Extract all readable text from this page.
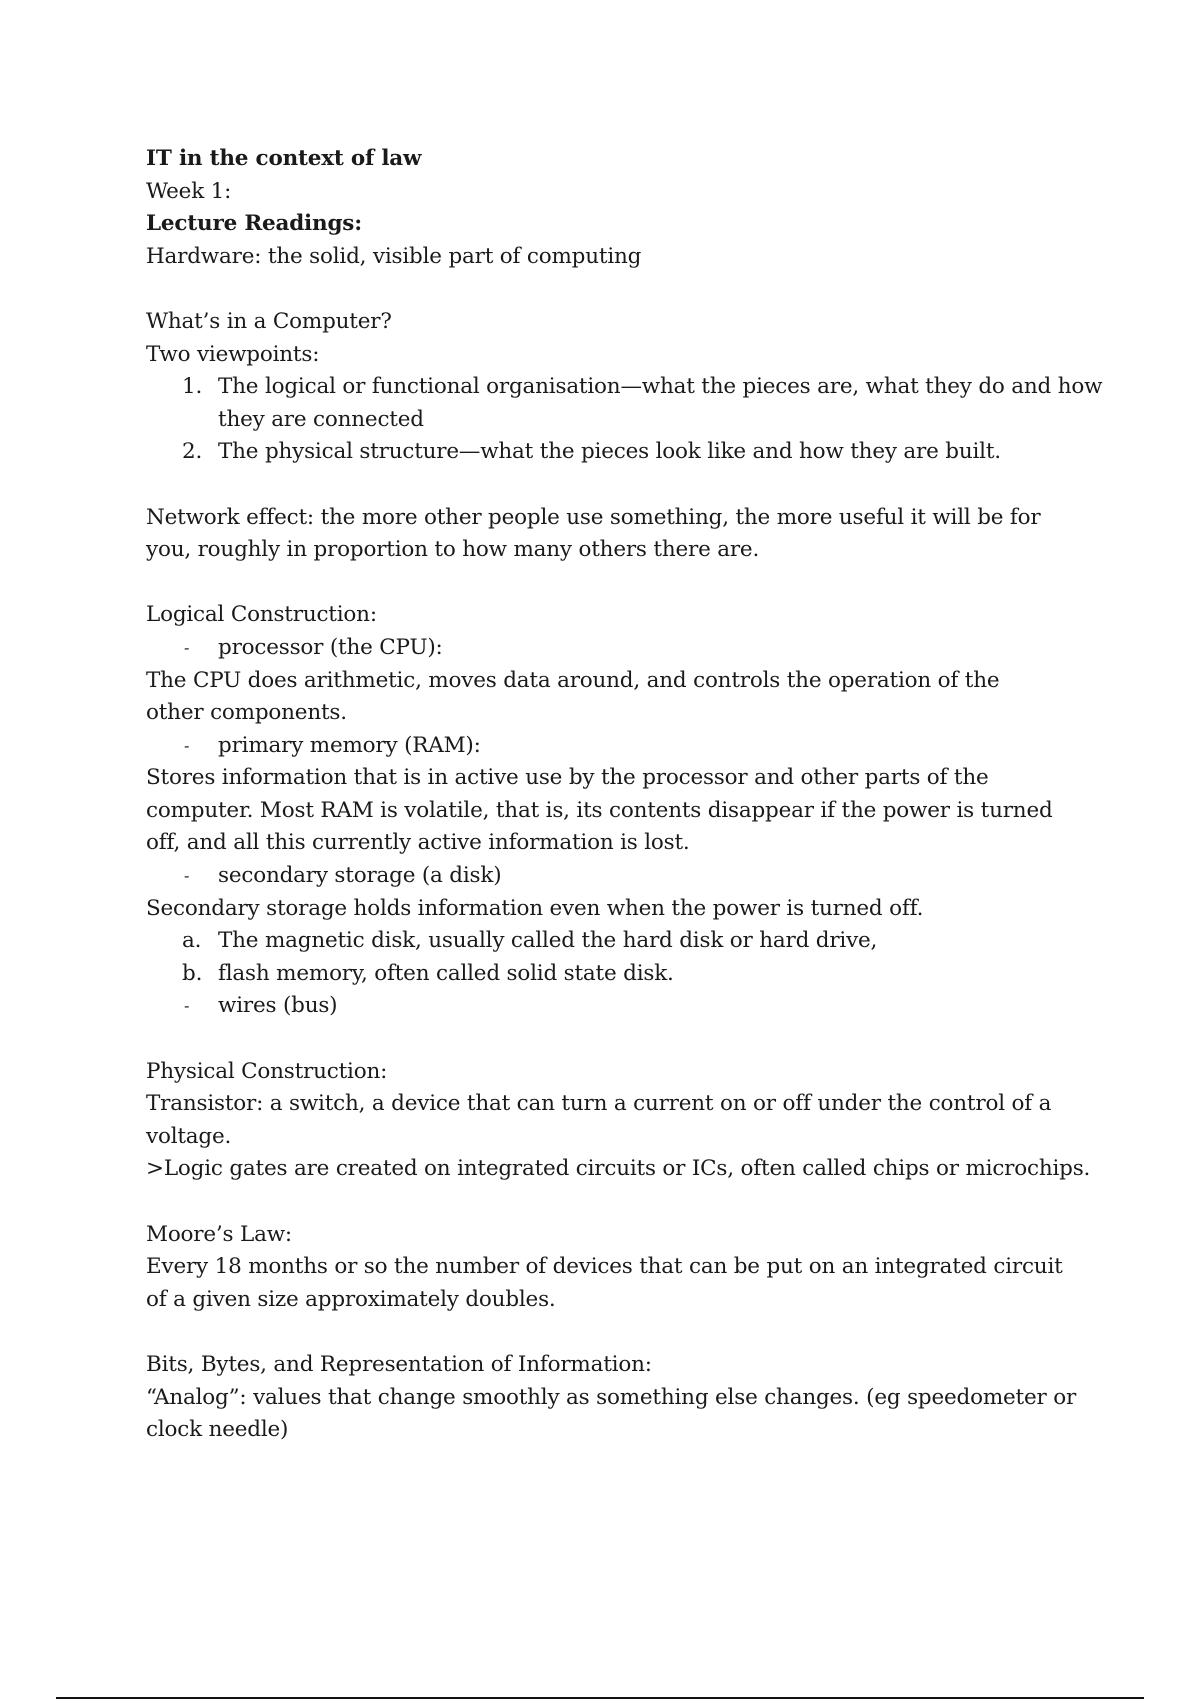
IT in the context of law
Week 1:
Lecture Readings:
Hardware: the solid, visible part of computing
What’s in a Computer?
Two viewpoints:
1. The logical or functional organisation—what the pieces are, what they do and how they are connected
2. The physical structure—what the pieces look like and how they are built.
Network effect: the more other people use something, the more useful it will be for you, roughly in proportion to how many others there are.
Logical Construction:
-	processor (the CPU):
The CPU does arithmetic, moves data around, and controls the operation of the other components.
-	primary memory (RAM):
Stores information that is in active use by the processor and other parts of the computer. Most RAM is volatile, that is, its contents disappear if the power is turned off, and all this currently active information is lost.
-	secondary storage (a disk)
Secondary storage holds information even when the power is turned off.
a. The magnetic disk, usually called the hard disk or hard drive,
b. flash memory, often called solid state disk.
-	wires (bus)
Physical Construction:
Transistor: a switch, a device that can turn a current on or off under the control of a voltage.
>Logic gates are created on integrated circuits or ICs, often called chips or microchips.
Moore’s Law:
Every 18 months or so the number of devices that can be put on an integrated circuit of a given size approximately doubles.
Bits, Bytes, and Representation of Information:
“Analog”: values that change smoothly as something else changes. (eg speedometer or clock needle)
